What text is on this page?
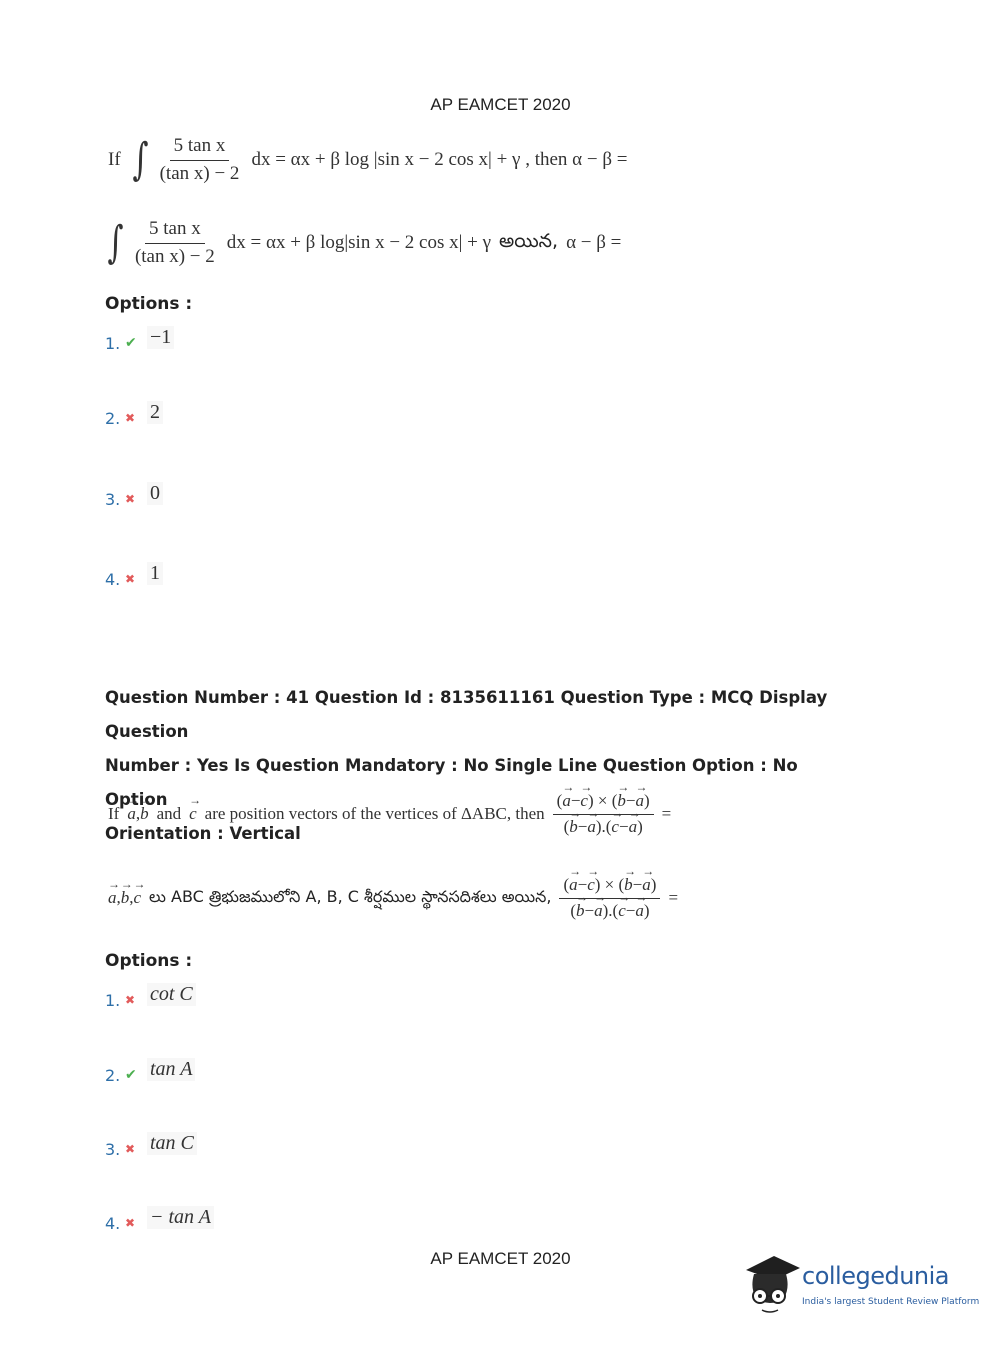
AP EAMCET 2020
If ∫ $\frac{\text{5 tan x}}{\text{(tan x) − 2}}$ dx = αx + β log |sin x − 2 cos x| + γ , then α − β =
∫ $\frac{\text{5 tan x}}{\text{(tan x) − 2}}$ dx = αx + β log|sin x − 2 cos x| + γ అయిన, α − β =
Options :
1. ✔ −1
2. ✖ 2
3. ✖ 0
4. ✖ 1
Question Number : 41 Question Id : 8135611161 Question Type : MCQ Display Question
Number : Yes Is Question Mandatory : No Single Line Question Option : No Option
Orientation : Vertical
If → a , → b and → c are position vectors of the vertices of ΔABC, then $\frac{(\to a-\to c) \times (\to b-\to a)}{(\to b-\to a).(\to c-\to a)}$ =
→ a , → b , → c లు ABC త్రిభుజములోని A, B, C శీర్షముల స్థానసదిశలు అయిన, $\frac{(\to a-\to c) \times (\to b-\to a)}{(\to b-\to a).(\to c-\to a)}$ =
Options :
1. ✖ cot C
2. ✔ tan A
3. ✖ tan C
4. ✖ − tan A
AP EAMCET 2020
collegedunia
India's largest Student Review Platform
